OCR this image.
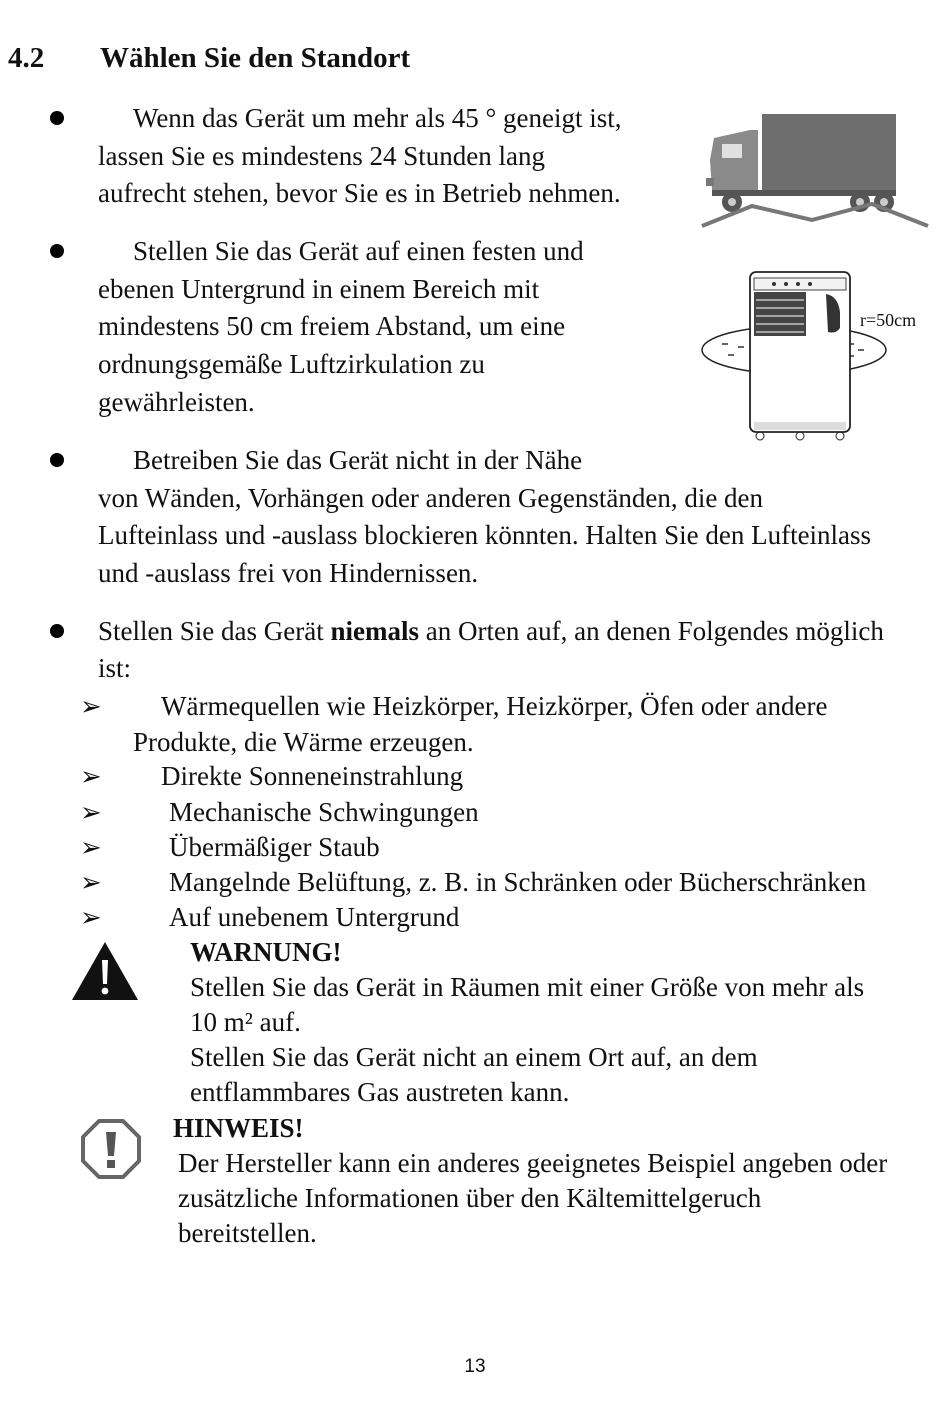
4.2 Wählen Sie den Standort
Wenn das Gerät um mehr als 45 ° geneigt ist,
lassen Sie es mindestens 24 Stunden lang
aufrecht stehen, bevor Sie es in Betrieb nehmen.
Stellen Sie das Gerät auf einen festen und
ebenen Untergrund in einem Bereich mit
mindestens 50 cm freiem Abstand, um eine
ordnungsgemäße Luftzirkulation zu
gewährleisten.
r=50cm
Betreiben Sie das Gerät nicht in der Nähe
von Wänden, Vorhängen oder anderen Gegenständen, die den
Lufteinlass und -auslass blockieren könnten. Halten Sie den Lufteinlass
und -auslass frei von Hindernissen.
Stellen Sie das Gerät niemals an Orten auf, an denen Folgendes möglich
ist:
➢ Wärmequellen wie Heizkörper, Heizkörper, Öfen oder andere
Produkte, die Wärme erzeugen.
➢ Direkte Sonneneinstrahlung
➢ Mechanische Schwingungen
➢ Übermäßiger Staub
➢ Mangelnde Belüftung, z. B. in Schränken oder Bücherschränken
➢ Auf unebenem Untergrund
WARNUNG!
Stellen Sie das Gerät in Räumen mit einer Größe von mehr als
10 m² auf.
Stellen Sie das Gerät nicht an einem Ort auf, an dem
entflammbares Gas austreten kann.
HINWEIS!
Der Hersteller kann ein anderes geeignetes Beispiel angeben oder
zusätzliche Informationen über den Kältemittelgeruch
bereitstellen.
13
